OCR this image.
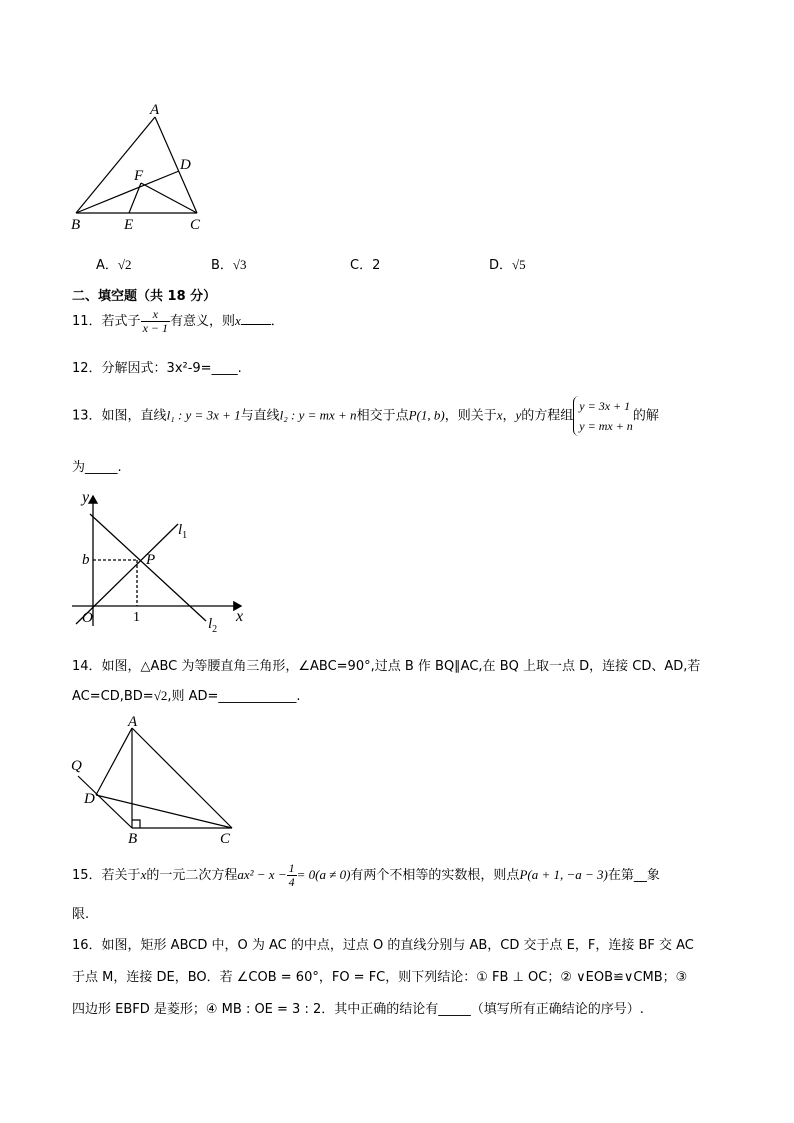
A
D
F
B	E	C
A．√2	B．√3	C．2	D．√5
二、填空题（共 18 分）
11．若式子 $\frac{x}{x - 1}$ 有意义，则x ．
12．分解因式：3x²-9=____.
13．如图，直线l₁ : y = 3x + 1与直线l₂ : y = mx + n相交于点P(1, b)，则关于x，y的方程组
y = 3x + 1
y = mx + n
的解
为_____.
y
x
O
b	P
1
$l_1$
$l_2$
14．如图，△ABC 为等腰直角三角形，∠ABC=90°,过点 B 作 BQ∥AC,在 BQ 上取一点 D，连接 CD、AD,若
AC=CD,BD=√2,则 AD=____________.
A
Q
D
B	C
15．若关于x的一元二次方程$ax^2 - x - \frac{1}{4} = 0(a \ne 0)$有两个不相等的实数根，则点P(a + 1, −a − 3)在第__象
限.
16．如图，矩形 ABCD 中，O 为 AC 的中点，过点 O 的直线分别与 AB，CD 交于点 E，F，连接 BF 交 AC
于点 M，连接 DE，BO．若 ∠COB = 60°，FO = FC，则下列结论：① FB ⊥ OC；② ∨EOB≌∨CMB；③
四边形 EBFD 是菱形；④ MB : OE = 3 : 2．其中正确的结论有_____（填写所有正确结论的序号）.
